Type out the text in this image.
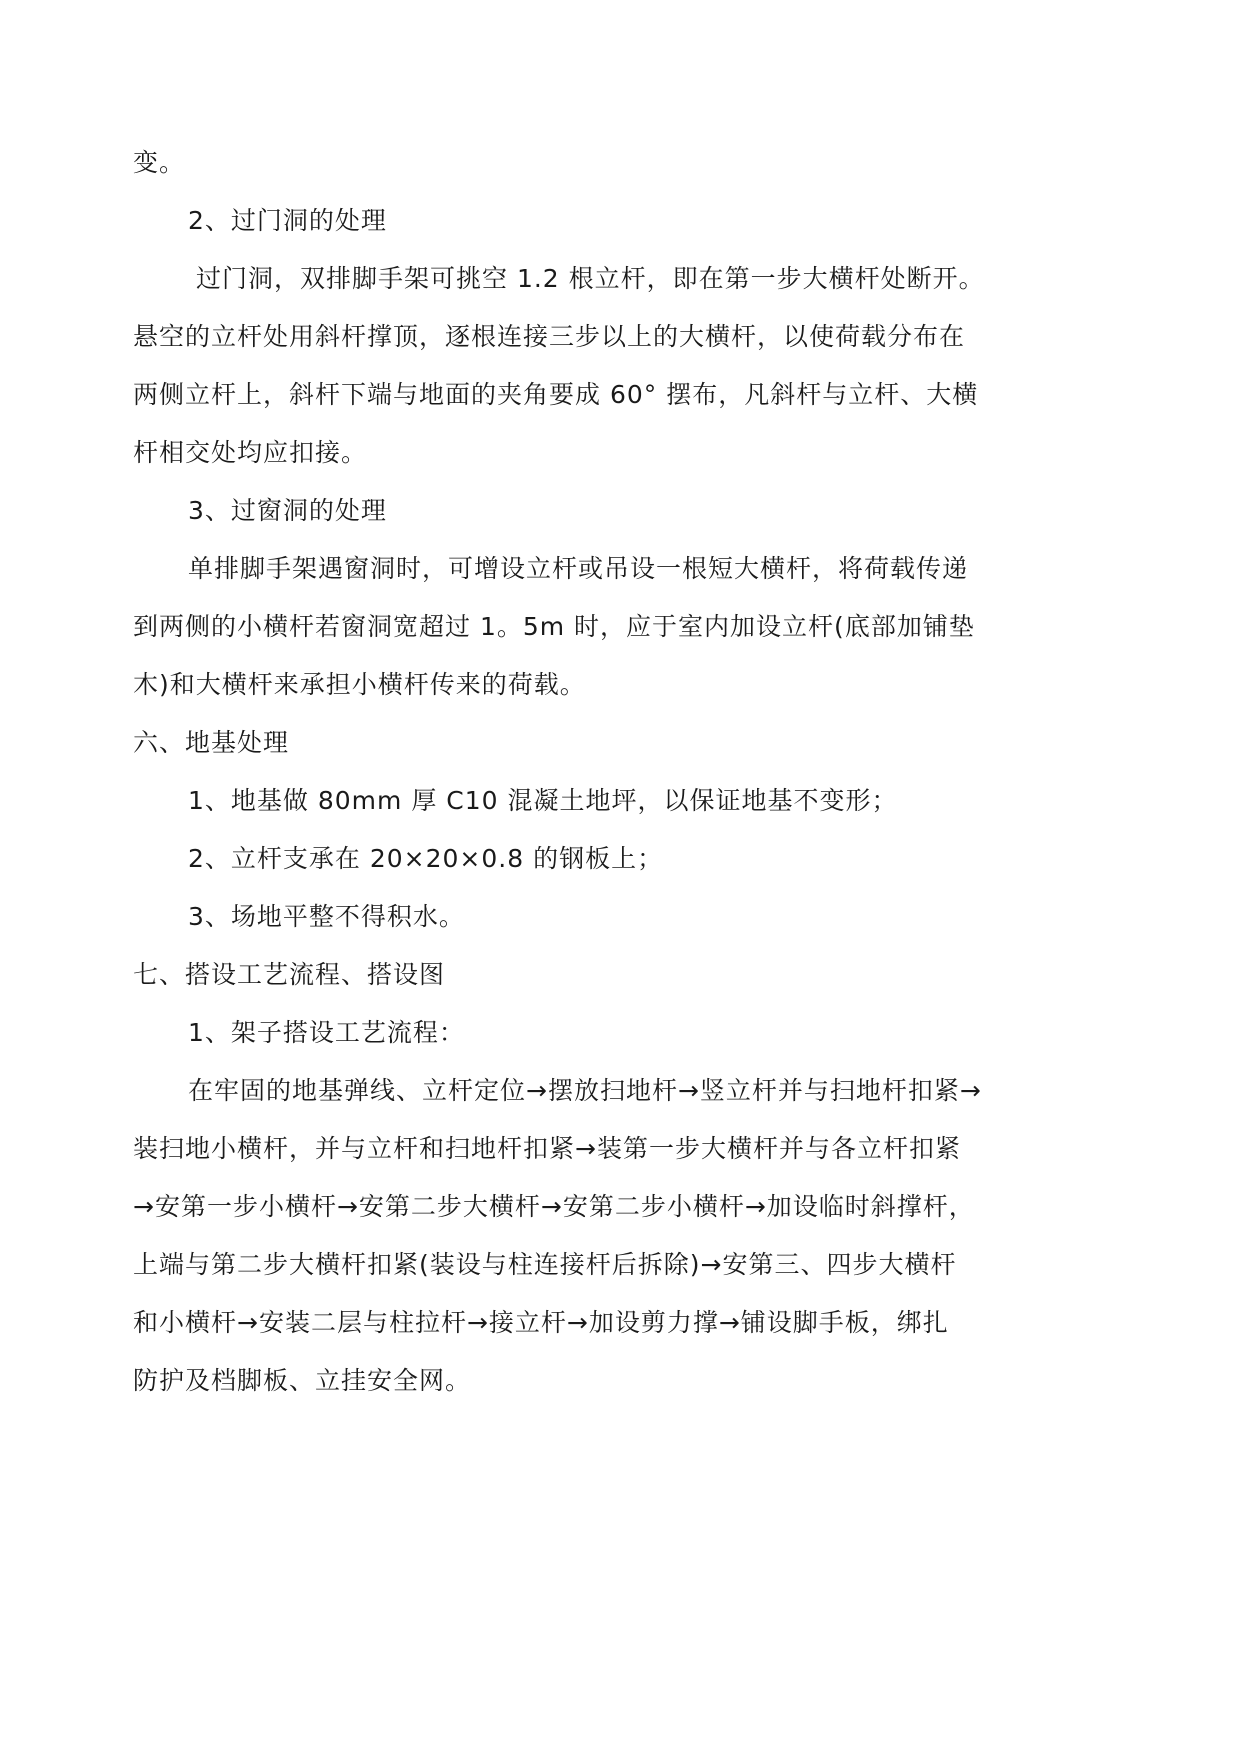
变。
2、过门洞的处理
过门洞，双排脚手架可挑空 1.2 根立杆，即在第一步大横杆处断开。
悬空的立杆处用斜杆撑顶，逐根连接三步以上的大横杆，以使荷载分布在
两侧立杆上，斜杆下端与地面的夹角要成 60° 摆布，凡斜杆与立杆、大横
杆相交处均应扣接。
3、过窗洞的处理
单排脚手架遇窗洞时，可增设立杆或吊设一根短大横杆，将荷载传递
到两侧的小横杆若窗洞宽超过 1。5m 时，应于室内加设立杆(底部加铺垫
木)和大横杆来承担小横杆传来的荷载。
六、地基处理
1、地基做 80mm 厚 C10 混凝土地坪，以保证地基不变形；
2、立杆支承在 20×20×0.8 的钢板上；
3、场地平整不得积水。
七、搭设工艺流程、搭设图
1、架子搭设工艺流程：
在牢固的地基弹线、立杆定位→摆放扫地杆→竖立杆并与扫地杆扣紧→
装扫地小横杆，并与立杆和扫地杆扣紧→装第一步大横杆并与各立杆扣紧
→安第一步小横杆→安第二步大横杆→安第二步小横杆→加设临时斜撑杆，
上端与第二步大横杆扣紧(装设与柱连接杆后拆除)→安第三、四步大横杆
和小横杆→安装二层与柱拉杆→接立杆→加设剪力撑→铺设脚手板，绑扎
防护及档脚板、立挂安全网。
